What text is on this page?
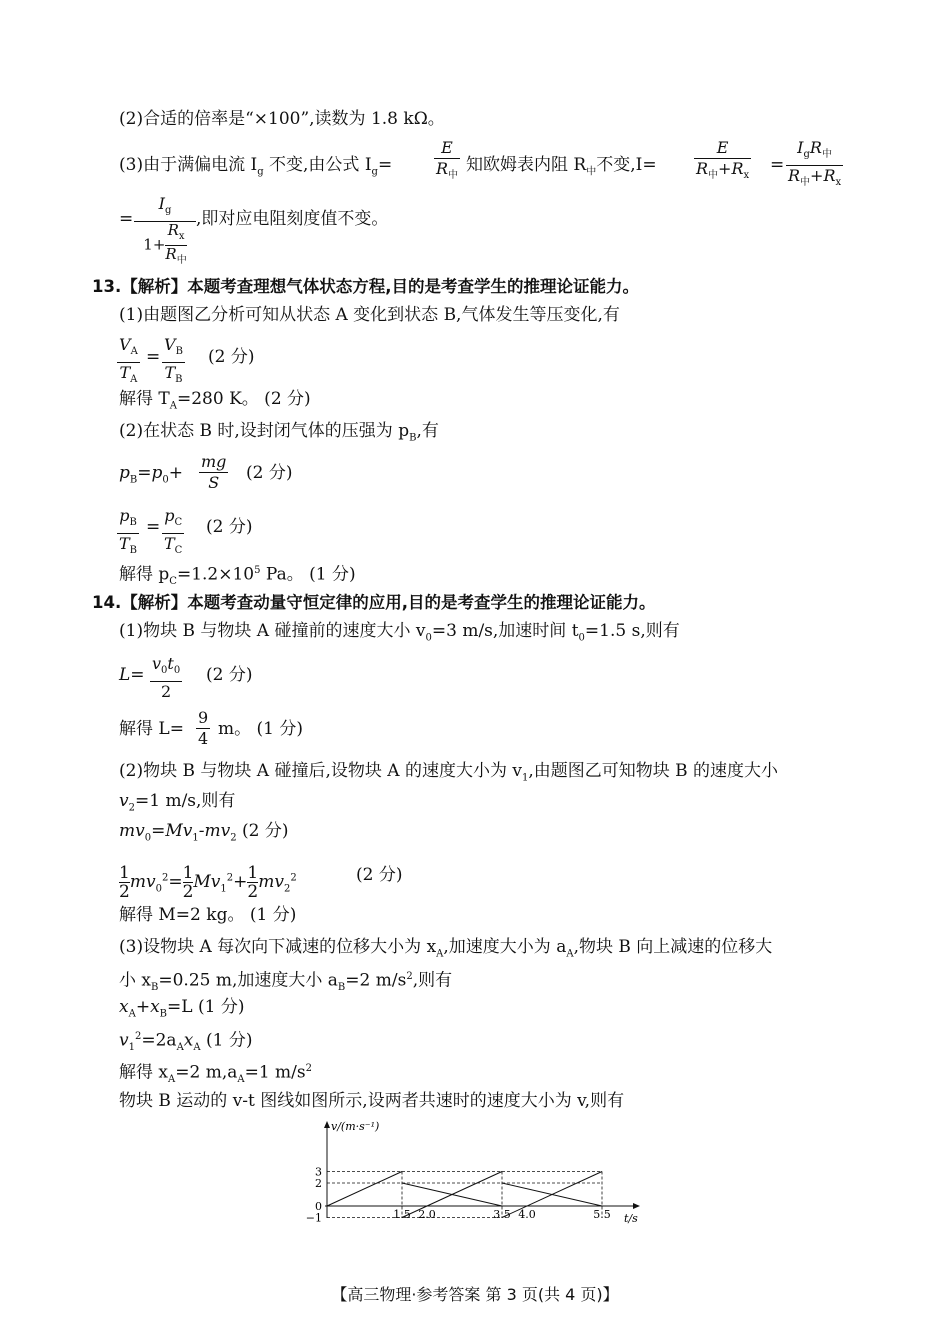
(2)合适的倍率是“×100”,读数为 1.8 kΩ。
(3)由于满偏电流 $I_g$ 不变,由公式 $I_g=$
E
$R_中$
知欧姆表内阻 $R_中$不变,I=
E
$R_中+R_x$
=
$I_gR_中$
$R_中+R_x$
=
$I_g$
1+
$R_x$
$R_中$
,即对应电阻刻度值不变。
13.【解析】本题考查理想气体状态方程,目的是考查学生的推理论证能力。
(1)由题图乙分析可知从状态 A 变化到状态 B,气体发生等压变化,有
$\frac{V_A}{T_A} = \frac{V_B}{T_B} (2$ 分)
解得 $T_A=280$ K。 (2 分)
(2)在状态 B 时,设封闭气体的压强为 $p_B$,有
$p_B=p_0+ \frac{mg}{S} (2$ 分)
$\frac{p_B}{T_B} = \frac{p_C}{T_C} (2$ 分)
解得 $p_C=1.2\times 10^5$ Pa。 (1 分)
14.【解析】本题考查动量守恒定律的应用,目的是考查学生的推理论证能力。
(1)物块 B 与物块 A 碰撞前的速度大小 $v_0=3$ m/s,加速时间 $t_0=1.5$ s,则有
$L= \frac{v_0t_0}{2} (2$ 分)
解得 $L= \frac{9}{4}$ m。 (1 分)
(2)物块 B 与物块 A 碰撞后,设物块 A 的速度大小为 $v_1$,由题图乙可知物块 B 的速度大小
$v_2=1$ m/s,则有
$mv_0=Mv_1-mv_2$ (2 分)
$\frac{1}{2} mv_0^2= \frac{1}{2} Mv_1^2+ \frac{1}{2} mv_2^2$	(2 分)
解得 M=2 kg。 (1 分)
(3)设物块 A 每次向下减速的位移大小为 $x_A$,加速度大小为 $a_A$,物块 B 向上减速的位移大
小 $x_B=0.25$ m,加速度大小 $a_B=2$ $m/s^2$,则有
$x_A+x_B=L$ (1 分)
$v_1^2=2a_Ax_A$ (1 分)
解得 $x_A=2$ $m,a_A=1$ $m/s^2$
物块 B 运动的 v-t 图线如图所示,设两者共速时的速度大小为 v,则有
3
2
0
−1	1.5 2.0	3.5 4.0	5.5
v/(m·s⁻¹)
t/s
【高三物理·参考答案 第 3 页(共 4 页)】
